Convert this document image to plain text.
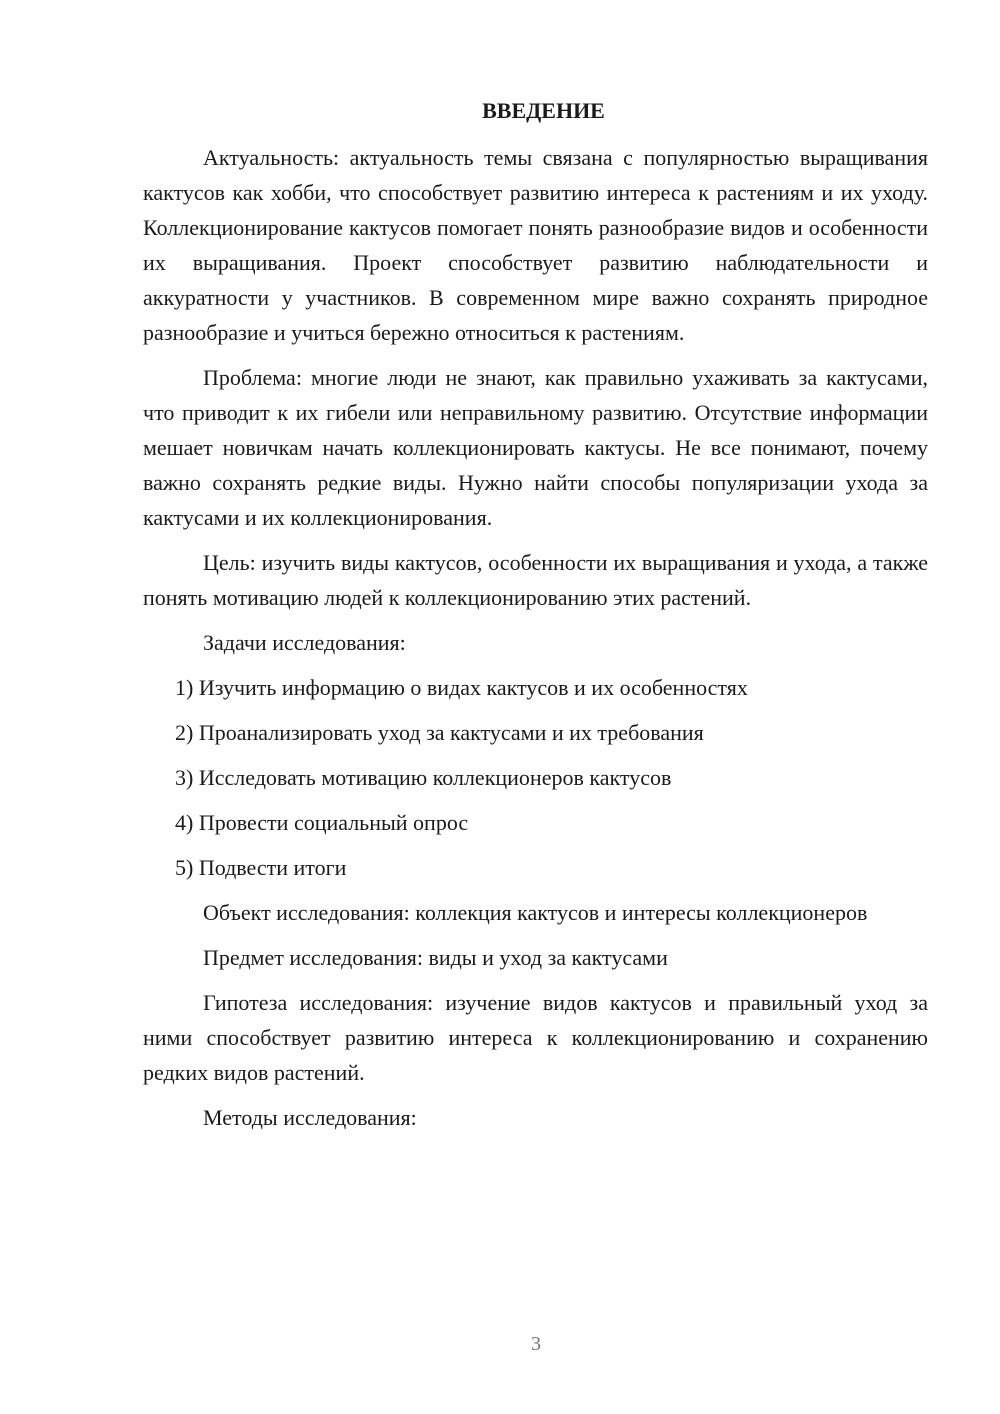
ВВЕДЕНИЕ

Актуальность: актуальность темы связана с популярностью выращивания кактусов как хобби, что способствует развитию интереса к растениям и их уходу. Коллекционирование кактусов помогает понять разнообразие видов и особенности их выращивания. Проект способствует развитию наблюдательности и аккуратности у участников. В современном мире важно сохранять природное разнообразие и учиться бережно относиться к растениям.

Проблема: многие люди не знают, как правильно ухаживать за кактусами, что приводит к их гибели или неправильному развитию. Отсутствие информации мешает новичкам начать коллекционировать кактусы. Не все понимают, почему важно сохранять редкие виды. Нужно найти способы популяризации ухода за кактусами и их коллекционирования.

Цель: изучить виды кактусов, особенности их выращивания и ухода, а также понять мотивацию людей к коллекционированию этих растений.

Задачи исследования:

1) Изучить информацию о видах кактусов и их особенностях
2) Проанализировать уход за кактусами и их требования
3) Исследовать мотивацию коллекционеров кактусов
4) Провести социальный опрос
5) Подвести итоги

Объект исследования: коллекция кактусов и интересы коллекционеров

Предмет исследования: виды и уход за кактусами

Гипотеза исследования: изучение видов кактусов и правильный уход за ними способствует развитию интереса к коллекционированию и сохранению редких видов растений.

Методы исследования:

3
